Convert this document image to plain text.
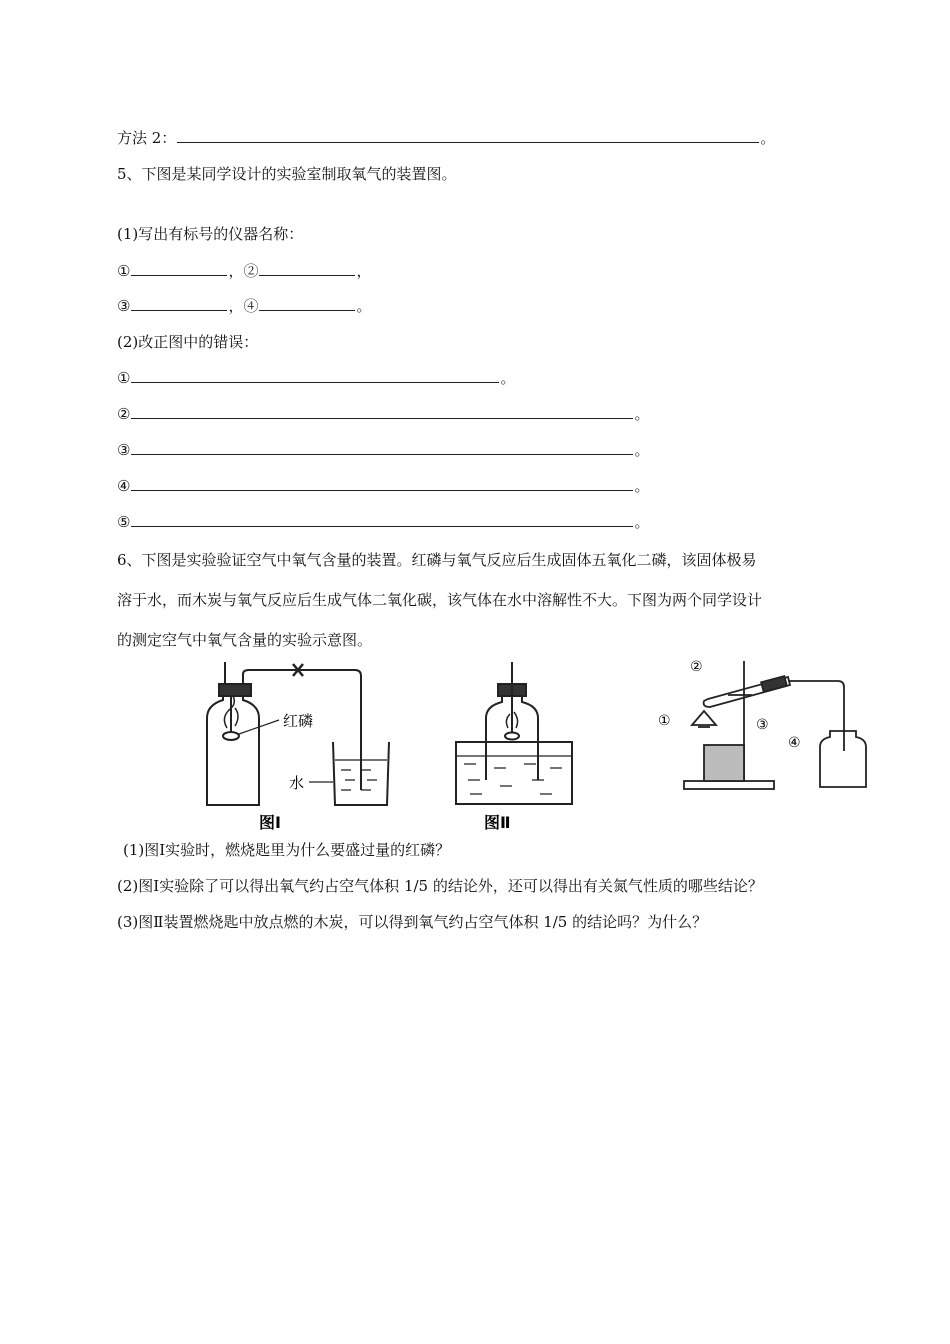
方法 2：	。
5、下图是某同学设计的实验室制取氧气的装置图。
(1)写出有标号的仪器名称：
①	，②	，
③	，④	。
(2)改正图中的错误：
①	。
②	。
③	。
④	。
⑤	。
6、下图是实验验证空气中氧气含量的装置。红磷与氧气反应后生成固体五氧化二磷，该固体极易
溶于水，而木炭与氧气反应后生成气体二氧化碳，该气体在水中溶解性不大。下图为两个同学设计
的测定空气中氧气含量的实验示意图。
红磷
水
图Ⅰ	图Ⅱ
②
①	③
④
(1)图Ⅰ实验时，燃烧匙里为什么要盛过量的红磷？
(2)图Ⅰ实验除了可以得出氧气约占空气体积 1/5 的结论外，还可以得出有关氮气性质的哪些结论？
(3)图Ⅱ装置燃烧匙中放点燃的木炭，可以得到氧气约占空气体积 1/5 的结论吗？为什么？
